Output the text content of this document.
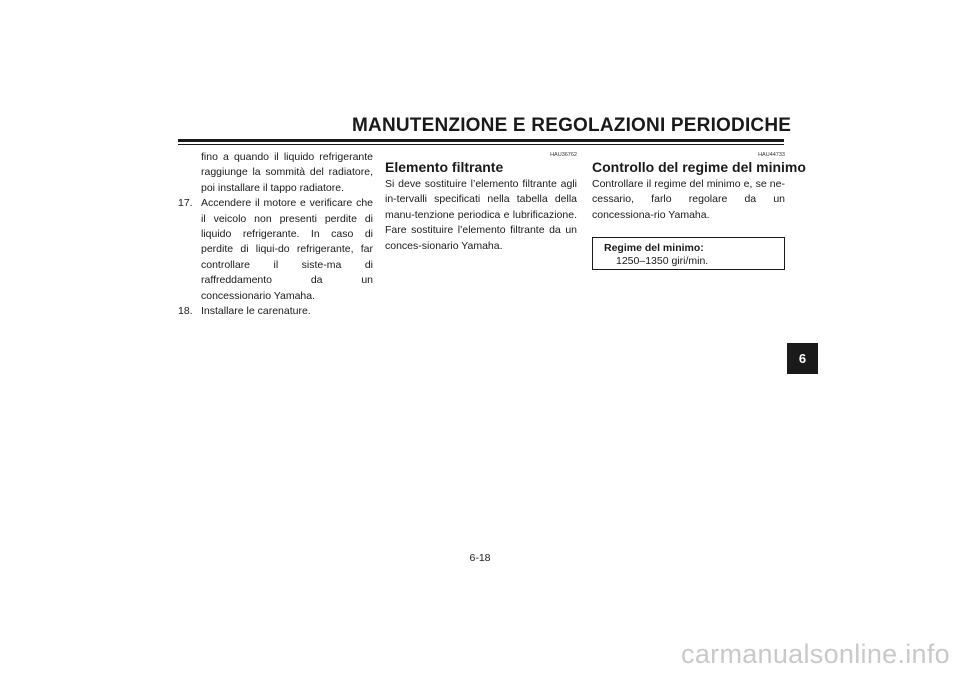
MANUTENZIONE E REGOLAZIONI PERIODICHE

fino a quando il liquido refrigerante raggiunge la sommità del radiatore, poi installare il tappo radiatore.

17. Accendere il motore e verificare che il veicolo non presenti perdite di liquido refrigerante. In caso di perdite di liqui-do refrigerante, far controllare il siste-ma di raffreddamento da un concessionario Yamaha.
18. Installare le carenature.
HAU36762
Elemento filtrante

Si deve sostituire l’elemento filtrante agli in-tervalli specificati nella tabella della manu-tenzione periodica e lubrificazione. Fare sostituire l’elemento filtrante da un conces-sionario Yamaha.

HAU44733
Controllo del regime del minimo

Controllare il regime del minimo e, se ne-cessario, farlo regolare da un concessiona-rio Yamaha.

Regime del minimo:
1250–1350 giri/min.
6
6-18
carmanualsonline.info
